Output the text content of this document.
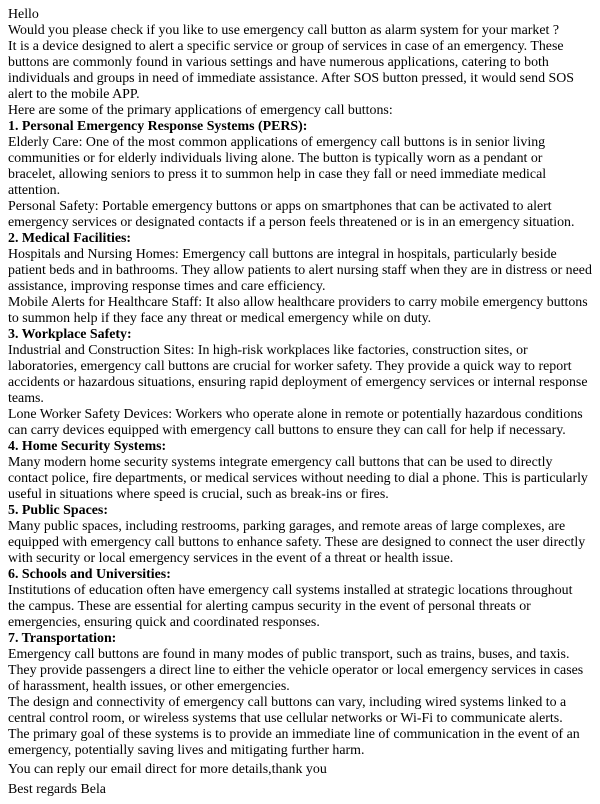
Hello
Would you please check if you like to use emergency call button as alarm system for your market ?
It is a device designed to alert a specific service or group of services in case of an emergency. These buttons are commonly found in various settings and have numerous applications, catering to both individuals and groups in need of immediate assistance. After SOS button pressed, it would send SOS alert to the mobile APP.
Here are some of the primary applications of emergency call buttons:
1. Personal Emergency Response Systems (PERS):
Elderly Care: One of the most common applications of emergency call buttons is in senior living communities or for elderly individuals living alone. The button is typically worn as a pendant or bracelet, allowing seniors to press it to summon help in case they fall or need immediate medical attention.
Personal Safety: Portable emergency buttons or apps on smartphones that can be activated to alert emergency services or designated contacts if a person feels threatened or is in an emergency situation.
2. Medical Facilities:
Hospitals and Nursing Homes: Emergency call buttons are integral in hospitals, particularly beside patient beds and in bathrooms. They allow patients to alert nursing staff when they are in distress or need assistance, improving response times and care efficiency.
Mobile Alerts for Healthcare Staff: It also allow healthcare providers to carry mobile emergency buttons to summon help if they face any threat or medical emergency while on duty.
3. Workplace Safety:
Industrial and Construction Sites: In high-risk workplaces like factories, construction sites, or laboratories, emergency call buttons are crucial for worker safety. They provide a quick way to report accidents or hazardous situations, ensuring rapid deployment of emergency services or internal response teams.
Lone Worker Safety Devices: Workers who operate alone in remote or potentially hazardous conditions can carry devices equipped with emergency call buttons to ensure they can call for help if necessary.
4. Home Security Systems:
Many modern home security systems integrate emergency call buttons that can be used to directly contact police, fire departments, or medical services without needing to dial a phone. This is particularly useful in situations where speed is crucial, such as break-ins or fires.
5. Public Spaces:
Many public spaces, including restrooms, parking garages, and remote areas of large complexes, are equipped with emergency call buttons to enhance safety. These are designed to connect the user directly with security or local emergency services in the event of a threat or health issue.
6. Schools and Universities:
Institutions of education often have emergency call systems installed at strategic locations throughout the campus. These are essential for alerting campus security in the event of personal threats or emergencies, ensuring quick and coordinated responses.
7. Transportation:
Emergency call buttons are found in many modes of public transport, such as trains, buses, and taxis. They provide passengers a direct line to either the vehicle operator or local emergency services in cases of harassment, health issues, or other emergencies.
The design and connectivity of emergency call buttons can vary, including wired systems linked to a central control room, or wireless systems that use cellular networks or Wi-Fi to communicate alerts.
The primary goal of these systems is to provide an immediate line of communication in the event of an emergency, potentially saving lives and mitigating further harm.
You can reply our email direct for more details,thank you
Best regards Bela
